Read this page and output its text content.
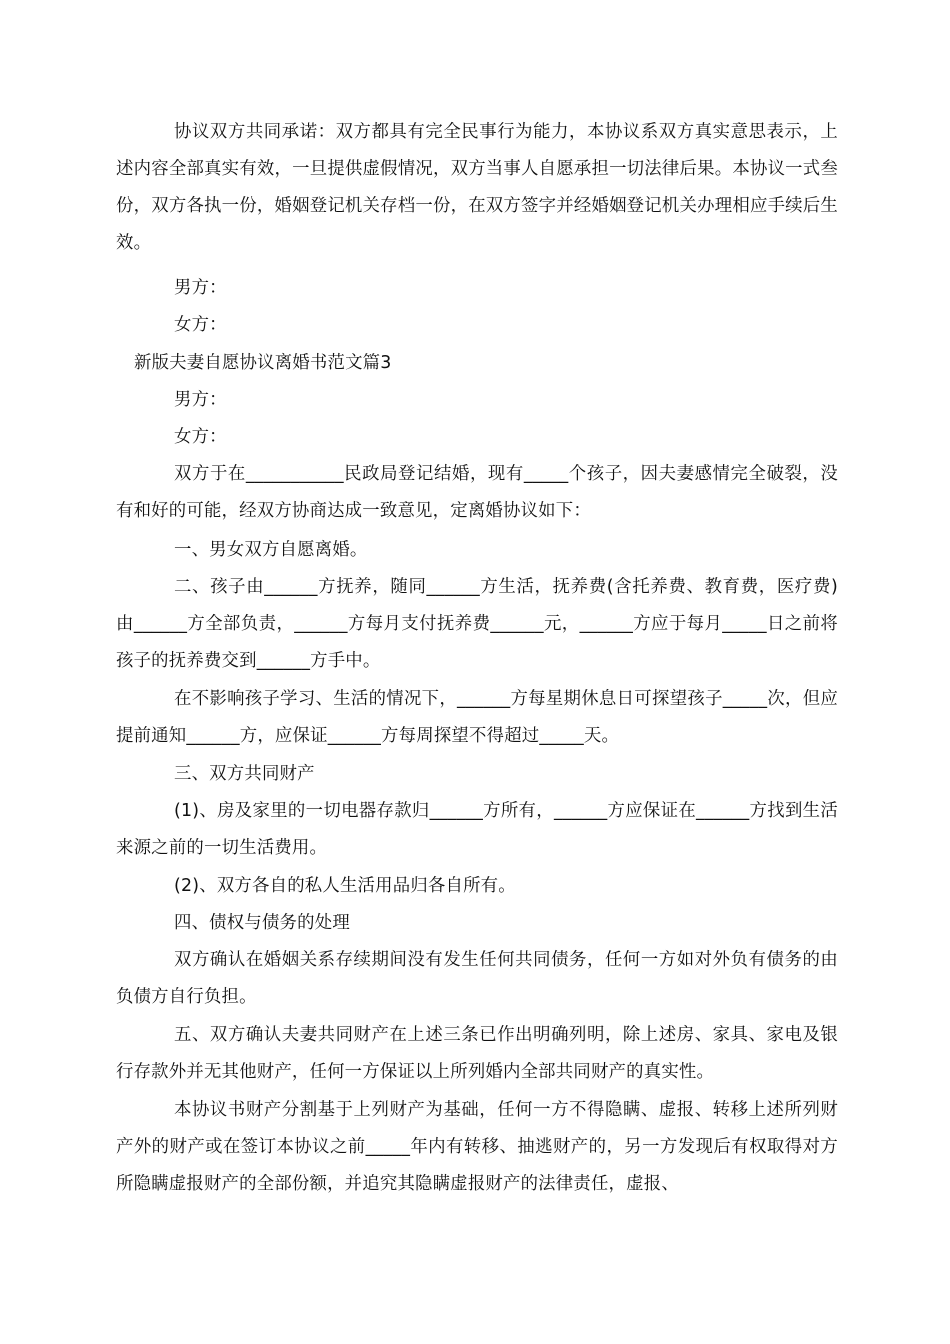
协议双方共同承诺：双方都具有完全民事行为能力，本协议系双方真实意思表示，上述内容全部真实有效，一旦提供虚假情况，双方当事人自愿承担一切法律后果。本协议一式叁份，双方各执一份，婚姻登记机关存档一份，在双方签字并经婚姻登记机关办理相应手续后生效。
男方：
女方：
新版夫妻自愿协议离婚书范文篇3
男方：
女方：
双方于在___________民政局登记结婚，现有_____个孩子，因夫妻感情完全破裂，没有和好的可能，经双方协商达成一致意见，定离婚协议如下：
一、男女双方自愿离婚。
二、孩子由______方抚养，随同______方生活，抚养费(含托养费、教育费，医疗费)由______方全部负责，______方每月支付抚养费______元，______方应于每月_____日之前将孩子的抚养费交到______方手中。
在不影响孩子学习、生活的情况下，______方每星期休息日可探望孩子_____次，但应提前通知______方，应保证______方每周探望不得超过_____天。
三、双方共同财产
(1)、房及家里的一切电器存款归______方所有，______方应保证在______方找到生活来源之前的一切生活费用。
(2)、双方各自的私人生活用品归各自所有。
四、债权与债务的处理
双方确认在婚姻关系存续期间没有发生任何共同债务，任何一方如对外负有债务的由负债方自行负担。
五、双方确认夫妻共同财产在上述三条已作出明确列明，除上述房、家具、家电及银行存款外并无其他财产，任何一方保证以上所列婚内全部共同财产的真实性。
本协议书财产分割基于上列财产为基础，任何一方不得隐瞒、虚报、转移上述所列财产外的财产或在签订本协议之前_____年内有转移、抽逃财产的，另一方发现后有权取得对方所隐瞒虚报财产的全部份额，并追究其隐瞒虚报财产的法律责任，虚报、
